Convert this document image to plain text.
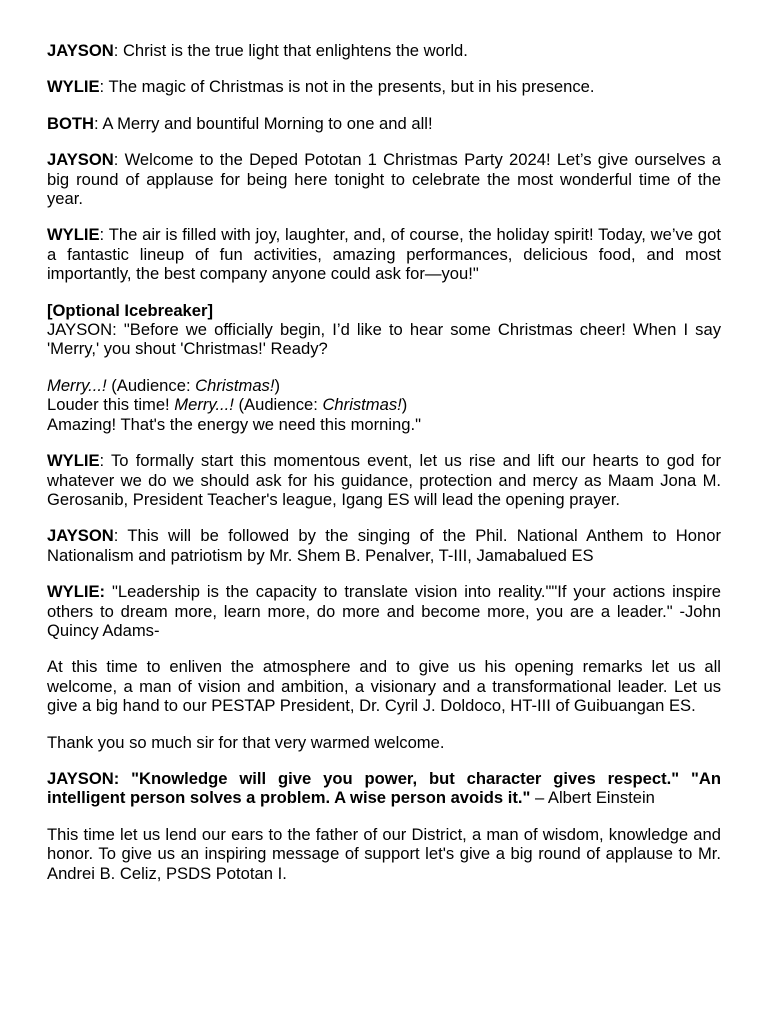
JAYSON: Christ is the true light that enlightens the world.

WYLIE: The magic of Christmas is not in the presents, but in his presence.

BOTH: A Merry and bountiful Morning to one and all!

JAYSON: Welcome to the Deped Pototan 1 Christmas Party 2024! Let’s give ourselves a big round of applause for being here tonight to celebrate the most wonderful time of the year.

WYLIE: The air is filled with joy, laughter, and, of course, the holiday spirit! Today, we’ve got a fantastic lineup of fun activities, amazing performances, delicious food, and most importantly, the best company anyone could ask for—you!"

[Optional Icebreaker]

JAYSON: "Before we officially begin, I’d like to hear some Christmas cheer! When I say 'Merry,' you shout 'Christmas!' Ready?

Merry...! (Audience: Christmas!)
Louder this time! Merry...! (Audience: Christmas!)
Amazing! That's the energy we need this morning."

WYLIE: To formally start this momentous event, let us rise and lift our hearts to god for whatever we do we should ask for his guidance, protection and mercy as Maam Jona M. Gerosanib, President Teacher's league, Igang ES will lead the opening prayer.

JAYSON: This will be followed by the singing of the Phil. National Anthem to Honor Nationalism and patriotism by Mr. Shem B. Penalver, T-III, Jamabalued ES

WYLIE: "Leadership is the capacity to translate vision into reality.""If your actions inspire others to dream more, learn more, do more and become more, you are a leader." -John Quincy Adams-

At this time to enliven the atmosphere and to give us his opening remarks let us all welcome, a man of vision and ambition, a visionary and a transformational leader. Let us give a big hand to our PESTAP President, Dr. Cyril J. Doldoco, HT-III of Guibuangan ES.

Thank you so much sir for that very warmed welcome.

JAYSON: "Knowledge will give you power, but character gives respect." "An intelligent person solves a problem. A wise person avoids it." – Albert Einstein

This time let us lend our ears to the father of our District, a man of wisdom, knowledge and honor. To give us an inspiring message of support let's give a big round of applause to Mr. Andrei B. Celiz, PSDS Pototan I.
